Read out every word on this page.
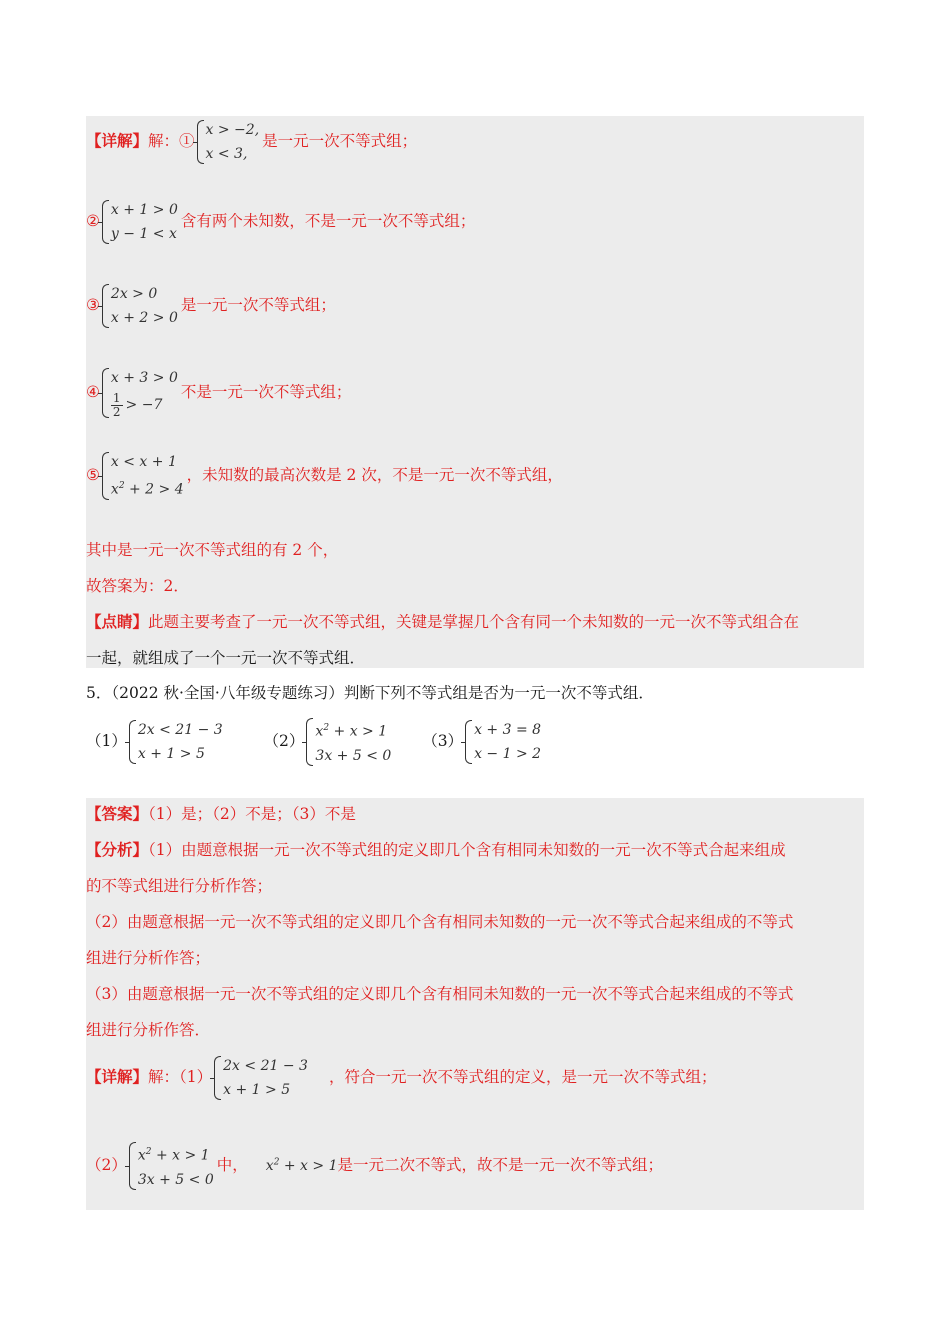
【详解】解：①
x > −2,
x < 3,
是一元一次不等式组；
②
x + 1 > 0
y − 1 < x
含有两个未知数，不是一元一次不等式组；
③
2x > 0
x + 2 > 0
是一元一次不等式组；
④
x + 3 > 0
$\frac{1}{2} > -7$
不是一元一次不等式组；
⑤
x < x + 1
$x^2 + 2 > 4$
，未知数的最高次数是 2 次，不是一元一次不等式组，
其中是一元一次不等式组的有 2 个，
故答案为：2．
【点睛】此题主要考查了一元一次不等式组，关键是掌握几个含有同一个未知数的一元一次不等式组合在
一起，就组成了一个一元一次不等式组．
5．（2022 秋·全国·八年级专题练习）判断下列不等式组是否为一元一次不等式组．
（1）
2x < 21 − 3
x + 1 > 5
（2）
$x^2 + x > 1$
3x + 5 < 0
（3）
x + 3 = 8
x − 1 > 2
【答案】（1）是；（2）不是；（3）不是
【分析】（1）由题意根据一元一次不等式组的定义即几个含有相同未知数的一元一次不等式合起来组成
的不等式组进行分析作答；
（2）由题意根据一元一次不等式组的定义即几个含有相同未知数的一元一次不等式合起来组成的不等式
组进行分析作答；
（3）由题意根据一元一次不等式组的定义即几个含有相同未知数的一元一次不等式合起来组成的不等式
组进行分析作答．
【详解】解：（1）
2x < 21 − 3
x + 1 > 5
，符合一元一次不等式组的定义，是一元一次不等式组；
（2）
$x^2 + x > 1$
3x + 5 < 0
中， $x^2 + x > 1$是一元二次不等式，故不是一元一次不等式组；
